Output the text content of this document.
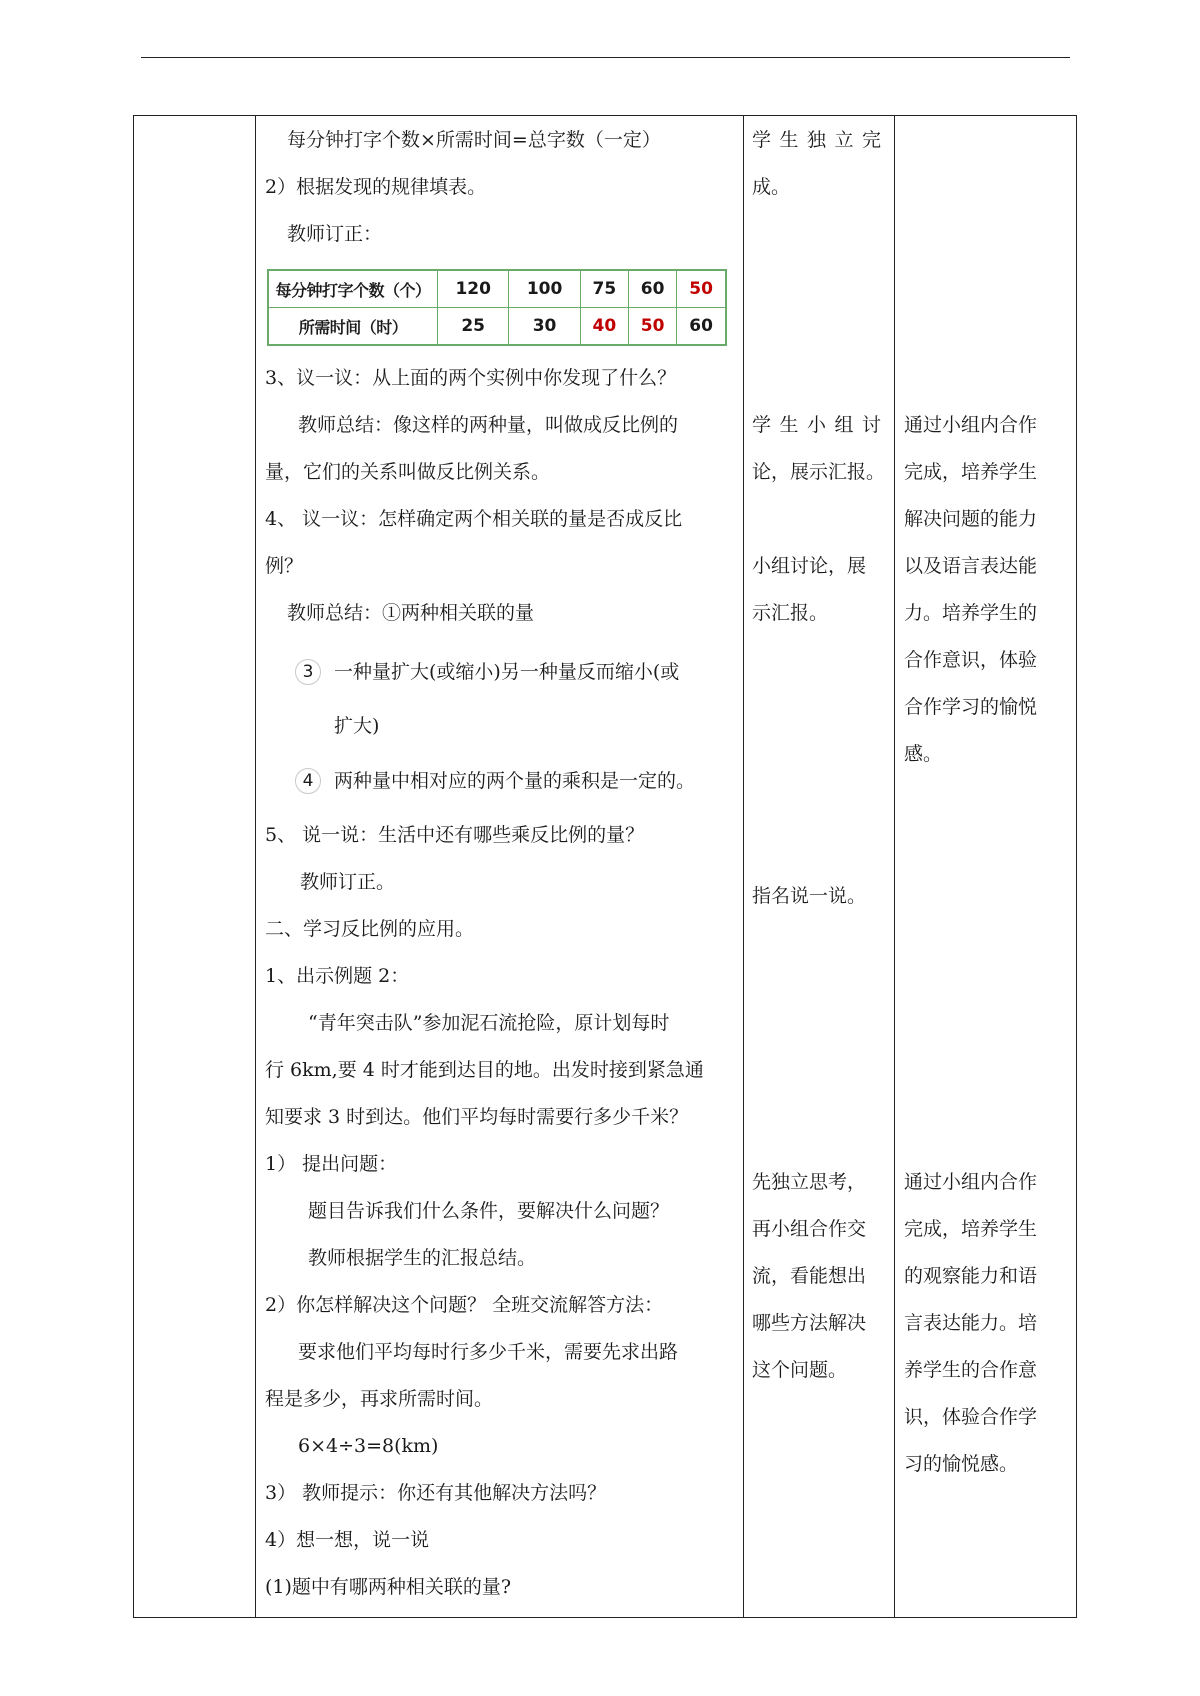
每分钟打字个数×所需时间=总字数（一定）
2）根据发现的规律填表。
教师订正：
每分钟打字个数（个）	120	100	75	60	50
所需时间（时）	25	30	40	50	60
3、议一议：从上面的两个实例中你发现了什么？
教师总结：像这样的两种量，叫做成反比例的
量，它们的关系叫做反比例关系。
4、 议一议：怎样确定两个相关联的量是否成反比
例？
教师总结：①两种相关联的量
3	一种量扩大(或缩小)另一种量反而缩小(或
扩大)
4	两种量中相对应的两个量的乘积是一定的。
5、 说一说：生活中还有哪些乘反比例的量？
教师订正。
二、学习反比例的应用。
1、出示例题 2：
“青年突击队”参加泥石流抢险，原计划每时
行 6km,要 4 时才能到达目的地。出发时接到紧急通
知要求 3 时到达。他们平均每时需要行多少千米？
1） 提出问题：
题目告诉我们什么条件，要解决什么问题？
教师根据学生的汇报总结。
2）你怎样解决这个问题？ 全班交流解答方法：
要求他们平均每时行多少千米，需要先求出路
程是多少，再求所需时间。
6×4÷3=8(km)
3） 教师提示：你还有其他解决方法吗？
4）想一想，说一说
(1)题中有哪两种相关联的量?
学 生 独 立 完
成。
学 生 小 组 讨
论，展示汇报。
小组讨论，展
示汇报。
指名说一说。
先独立思考，
再小组合作交
流，看能想出
哪些方法解决
这个问题。
通过小组内合作
完成，培养学生
解决问题的能力
以及语言表达能
力。培养学生的
合作意识，体验
合作学习的愉悦
感。
通过小组内合作
完成，培养学生
的观察能力和语
言表达能力。培
养学生的合作意
识，体验合作学
习的愉悦感。
